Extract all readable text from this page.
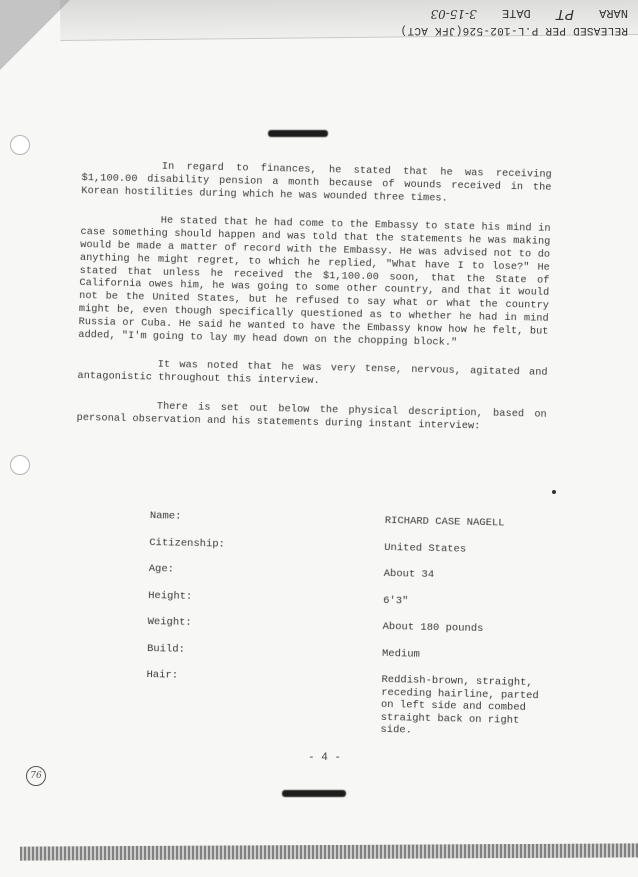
RELEASED PER P.L-102-526(JFK ACT)
NARA PT DATE 3-15-03
In regard to finances, he stated that he was receiving $1,100.00 disability pension a month because of wounds received in the Korean hostilities during which he was wounded three times.
He stated that he had come to the Embassy to state his mind in case something should happen and was told that the statements he was making would be made a matter of record with the Embassy. He was advised not to do anything he might regret, to which he replied, "What have I to lose?" He stated that unless he received the $1,100.00 soon, that the State of California owes him, he was going to some other country, and that it would not be the United States, but he refused to say what or what the country might be, even though specifically questioned as to whether he had in mind Russia or Cuba. He said he wanted to have the Embassy know how he felt, but added, "I'm going to lay my head down on the chopping block."
It was noted that he was very tense, nervous, agitated and antagonistic throughout this interview.
There is set out below the physical description, based on personal observation and his statements during instant interview:
Name:	RICHARD CASE NAGELL
Citizenship:	United States
Age:	About 34
Height:	6'3"
Weight:	About 180 pounds
Build:	Medium
Hair:	Reddish-brown, straight, receding hairline, parted on left side and combed straight back on right side.
- 4 -
76
